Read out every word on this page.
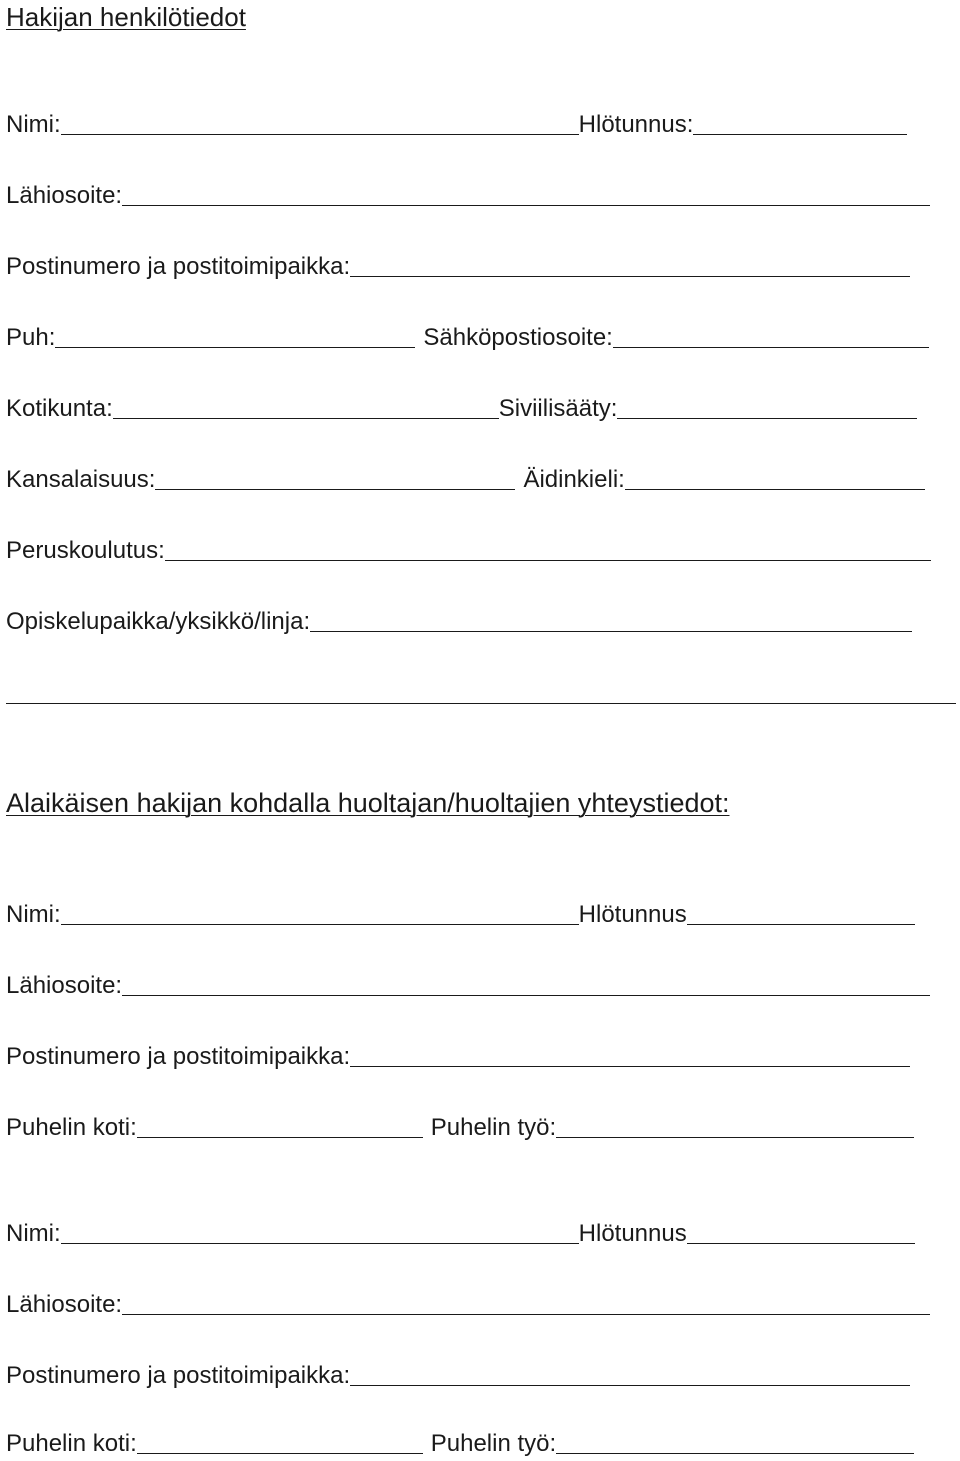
Hakijan henkilötiedot
Nimi:	Hlötunnus:
Lähiosoite:
Postinumero ja postitoimipaikka:
Puh:	Sähköpostiosoite:
Kotikunta:	Siviilisääty:
Kansalaisuus:	Äidinkieli:
Peruskoulutus:
Opiskelupaikka/yksikkö/linja:
Alaikäisen hakijan kohdalla huoltajan/huoltajien yhteystiedot:
Nimi:	Hlötunnus
Lähiosoite:
Postinumero ja postitoimipaikka:
Puhelin koti:	Puhelin työ:
Nimi:	Hlötunnus
Lähiosoite:
Postinumero ja postitoimipaikka:
Puhelin koti:	Puhelin työ:
